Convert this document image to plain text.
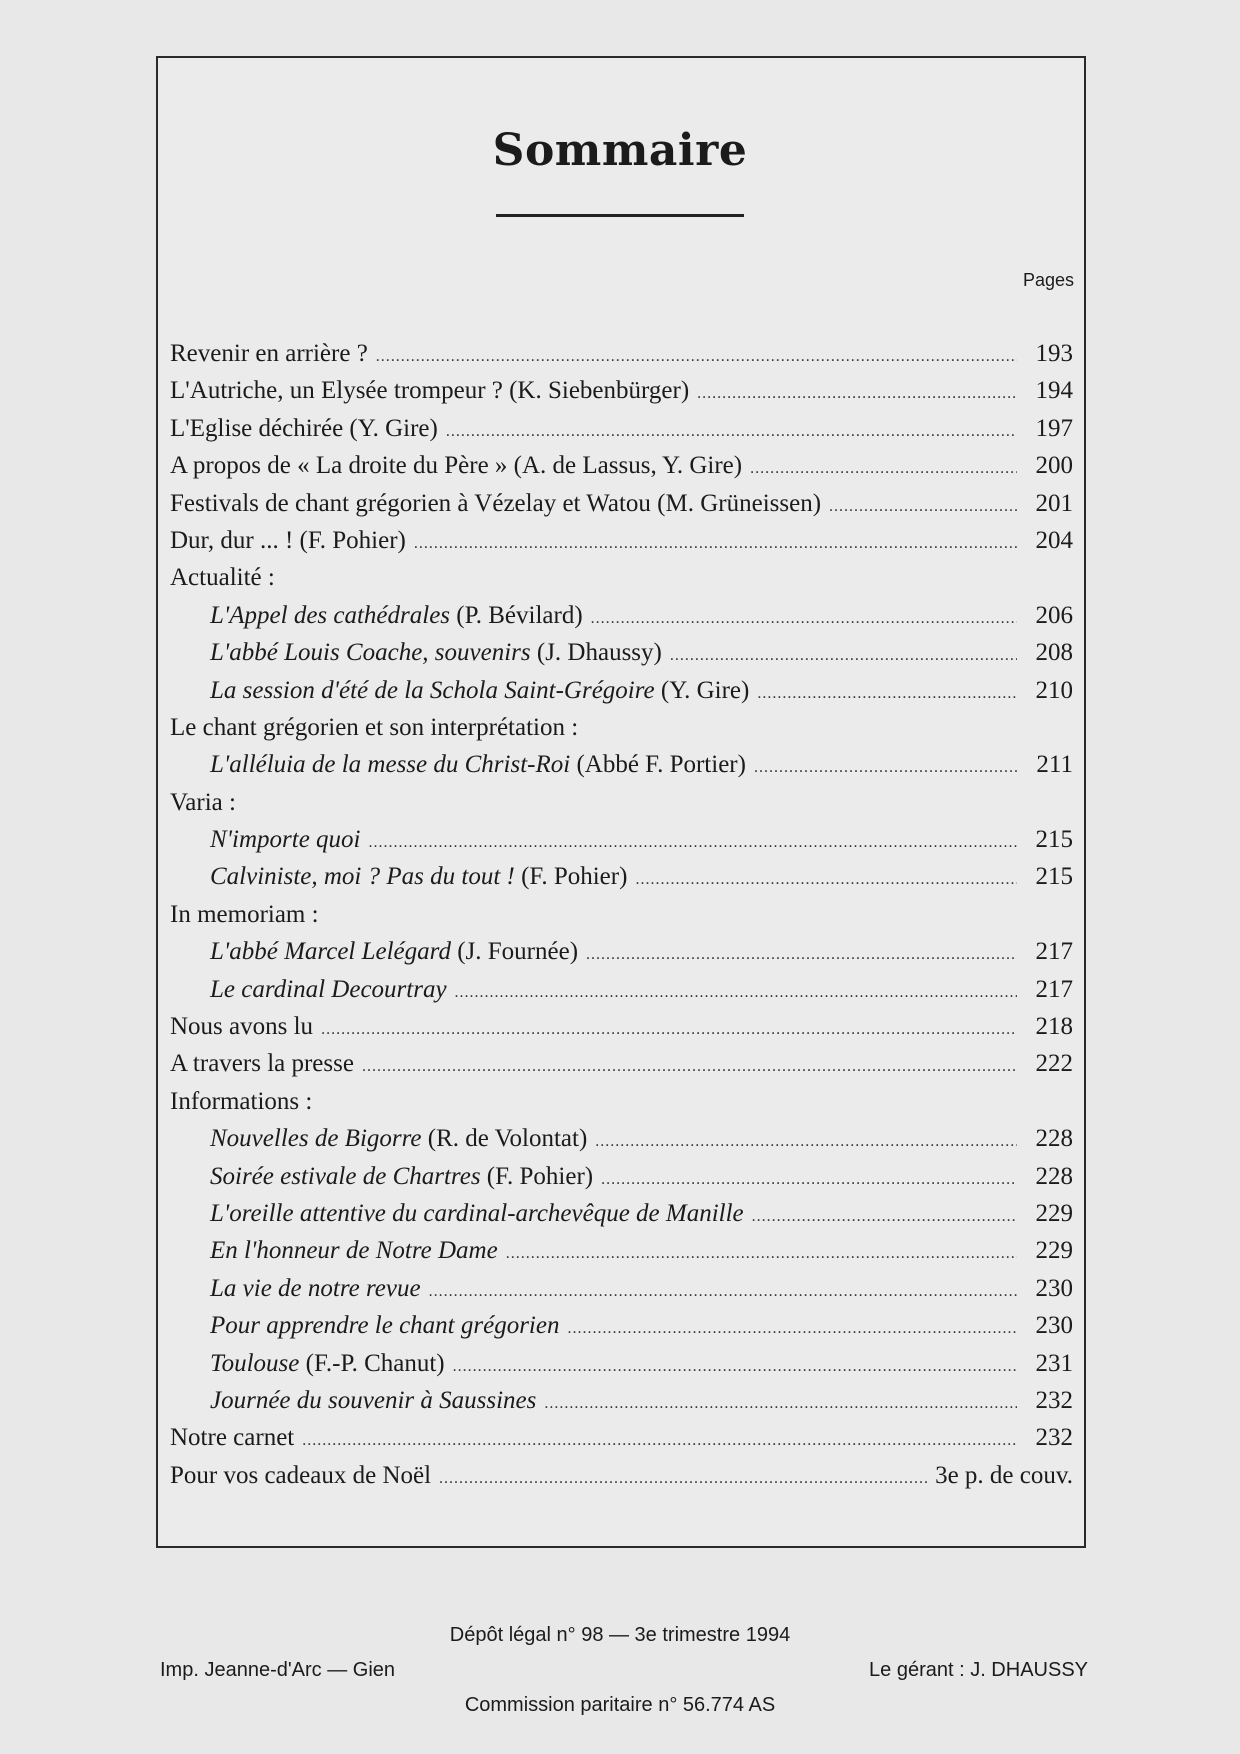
Sommaire
Pages
Revenir en arrière ? .....	193
L'Autriche, un Elysée trompeur ? (K. Siebenbürger) .....	194
L'Eglise déchirée (Y. Gire) .....	197
A propos de « La droite du Père » (A. de Lassus, Y. Gire) .....	200
Festivals de chant grégorien à Vézelay et Watou (M. Grüneissen) .....	201
Dur, dur ... ! (F. Pohier) .....	204
Actualité :
L'Appel des cathédrales (P. Bévilard) .....	206
L'abbé Louis Coache, souvenirs (J. Dhaussy) .....	208
La session d'été de la Schola Saint-Grégoire (Y. Gire) .....	210
Le chant grégorien et son interprétation :
L'alléluia de la messe du Christ-Roi (Abbé F. Portier) .....	211
Varia :
N'importe quoi .....	215
Calviniste, moi ? Pas du tout ! (F. Pohier) .....	215
In memoriam :
L'abbé Marcel Lelégard (J. Fournée) .....	217
Le cardinal Decourtray .....	217
Nous avons lu .....	218
A travers la presse .....	222
Informations :
Nouvelles de Bigorre (R. de Volontat) .....	228
Soirée estivale de Chartres (F. Pohier) .....	228
L'oreille attentive du cardinal-archevêque de Manille .....	229
En l'honneur de Notre Dame .....	229
La vie de notre revue .....	230
Pour apprendre le chant grégorien .....	230
Toulouse (F.-P. Chanut) .....	231
Journée du souvenir à Saussines .....	232
Notre carnet .....	232
Pour vos cadeaux de Noël .....	3e p. de couv.
Dépôt légal n° 98 — 3e trimestre 1994
Imp. Jeanne-d'Arc — Gien	Le gérant : J. DHAUSSY
Commission paritaire n° 56.774 AS
